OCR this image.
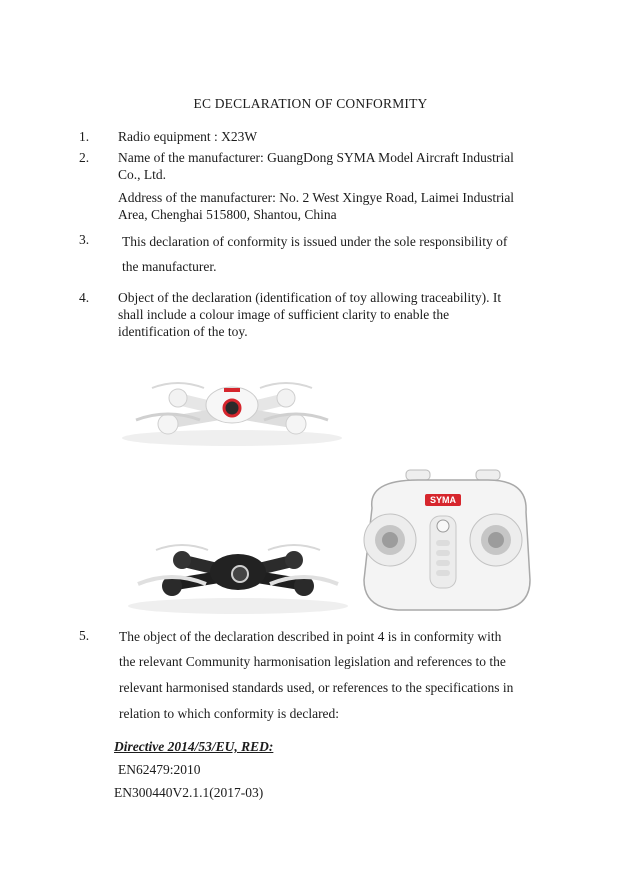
EC DECLARATION OF CONFORMITY
1. Radio equipment : X23W
2. Name of the manufacturer: GuangDong SYMA Model Aircraft Industrial
Co., Ltd.
Address of the manufacturer: No. 2 West Xingye Road, Laimei Industrial
Area, Chenghai 515800, Shantou, China
3. This declaration of conformity is issued under the sole responsibility of
the manufacturer.
4. Object of the declaration (identification of toy allowing traceability). It
shall include a colour image of sufficient clarity to enable the
identification of the toy.
SYMA
5. The object of the declaration described in point 4 is in conformity with
the relevant Community harmonisation legislation and references to the
relevant harmonised standards used, or references to the specifications in
relation to which conformity is declared:
Directive 2014/53/EU, RED:
EN62479:2010
EN300440V2.1.1(2017-03)
